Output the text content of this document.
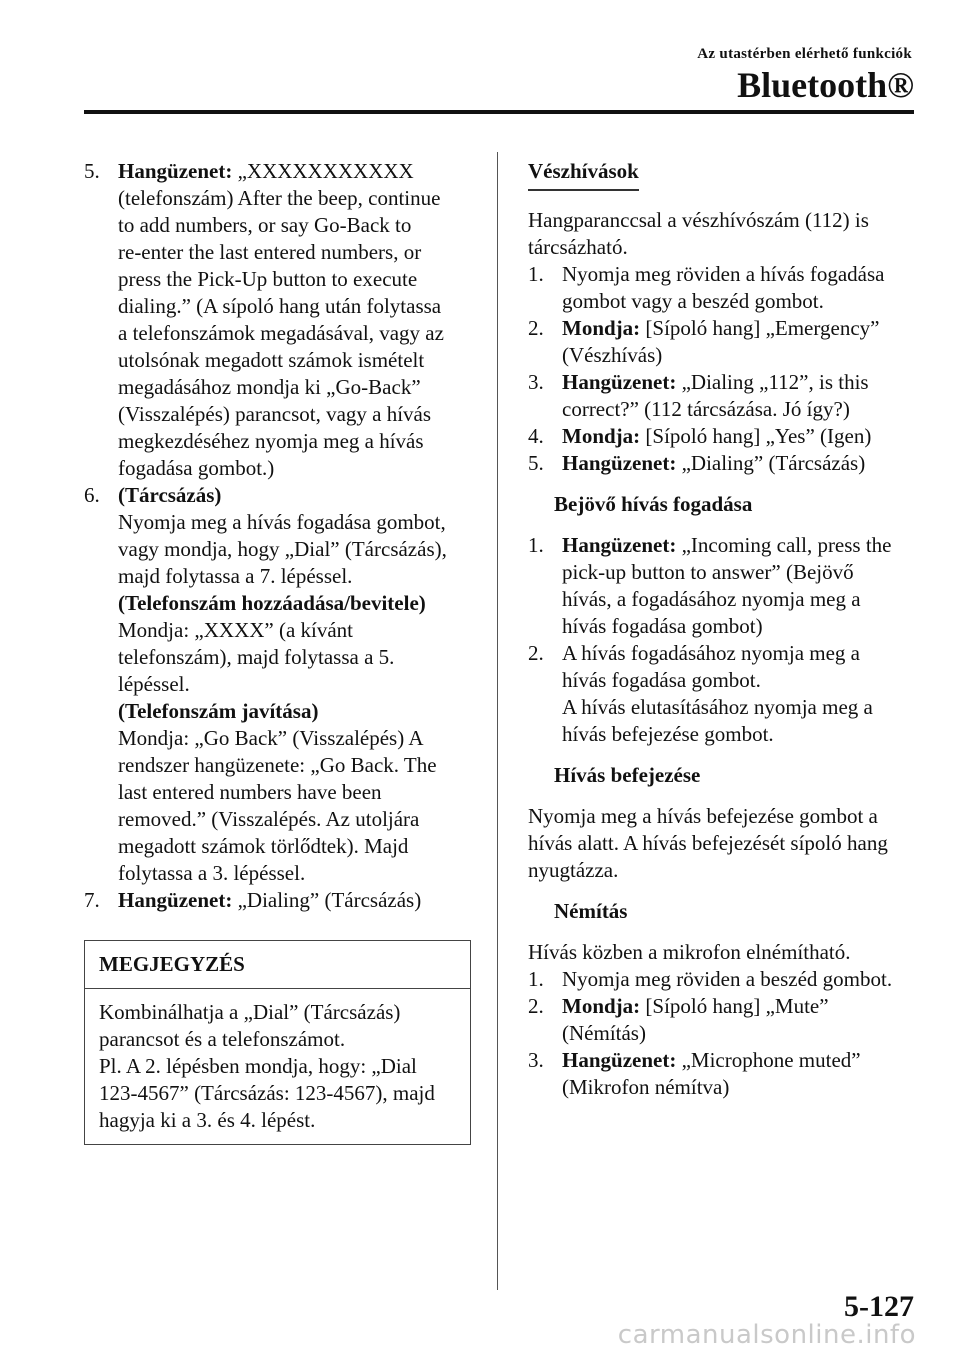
Az utastérben elérhető funkciók
Bluetooth®
5. Hangüzenet: „XXXXXXXXXXX

(telefonszám) After the beep, continue

to add numbers, or say Go-Back to

re-enter the last entered numbers, or

press the Pick-Up button to execute

dialing.” (A sípoló hang után folytassa

a telefonszámok megadásával, vagy az

utolsónak megadott számok ismételt

megadásához mondja ki „Go-Back”

(Visszalépés) parancsot, vagy a hívás

megkezdéséhez nyomja meg a hívás

fogadása gombot.)

6. (Tárcsázás)

Nyomja meg a hívás fogadása gombot,

vagy mondja, hogy „Dial” (Tárcsázás),

majd folytassa a 7. lépéssel.

(Telefonszám hozzáadása/bevitele)

Mondja: „XXXX” (a kívánt

telefonszám), majd folytassa a 5.

lépéssel.

(Telefonszám javítása)

Mondja: „Go Back” (Visszalépés) A

rendszer hangüzenete: „Go Back. The

last entered numbers have been

removed.” (Visszalépés. Az utoljára

megadott számok törlődtek). Majd

folytassa a 3. lépéssel.

7. Hangüzenet: „Dialing” (Tárcsázás)

MEGJEGYZÉS

Kombinálhatja a „Dial” (Tárcsázás)

parancsot és a telefonszámot.

Pl. A 2. lépésben mondja, hogy: „Dial

123-4567” (Tárcsázás: 123-4567), majd

hagyja ki a 3. és 4. lépést.

Vészhívások

Hangparanccsal a vészhívószám (112) is

tárcsázható.

1. Nyomja meg röviden a hívás fogadása

gombot vagy a beszéd gombot.

2. Mondja: [Sípoló hang] „Emergency”

(Vészhívás)

3. Hangüzenet: „Dialing „112”, is this

correct?” (112 tárcsázása. Jó így?)

4. Mondja: [Sípoló hang] „Yes” (Igen)

5. Hangüzenet: „Dialing” (Tárcsázás)

Bejövő hívás fogadása
1. Hangüzenet: „Incoming call, press the

pick-up button to answer” (Bejövő

hívás, a fogadásához nyomja meg a

hívás fogadása gombot)

2. A hívás fogadásához nyomja meg a

hívás fogadása gombot.

A hívás elutasításához nyomja meg a

hívás befejezése gombot.

Hívás befejezése

Nyomja meg a hívás befejezése gombot a

hívás alatt. A hívás befejezését sípoló hang

nyugtázza.

Némítás

Hívás közben a mikrofon elnémítható.

1. Nyomja meg röviden a beszéd gombot.

2. Mondja: [Sípoló hang] „Mute”

(Némítás)

3. Hangüzenet: „Microphone muted”

(Mikrofon némítva)

5-127
carmanualsonline.info
